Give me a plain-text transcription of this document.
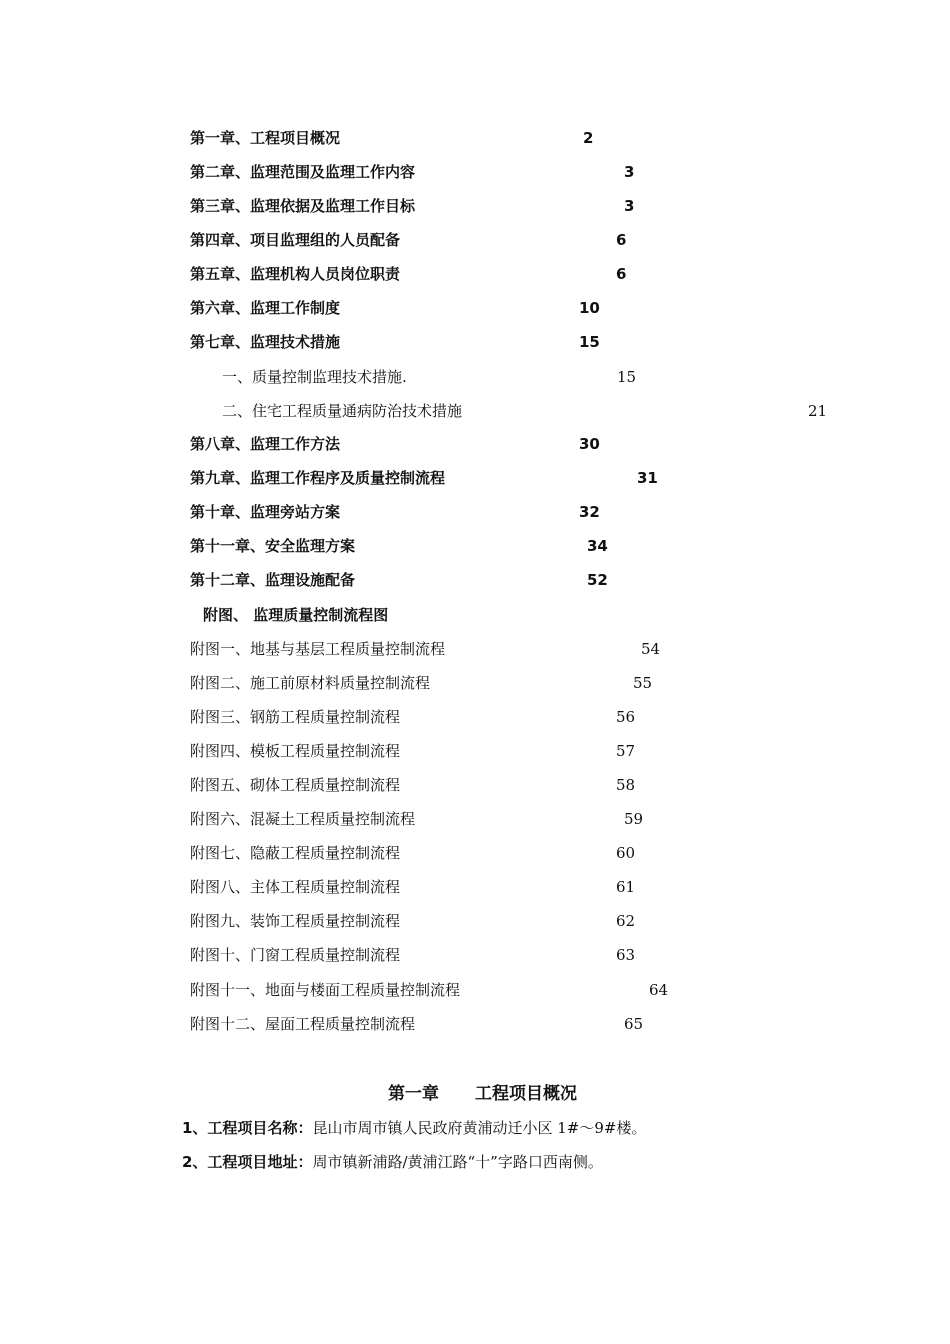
第一章、工程项目概况	2
第二章、监理范围及监理工作内容	3
第三章、监理依据及监理工作目标	3
第四章、项目监理组的人员配备	6
第五章、监理机构人员岗位职责	6
第六章、监理工作制度	10
第七章、监理技术措施	15
一、质量控制监理技术措施.	15
二、住宅工程质量通病防治技术措施	21
第八章、监理工作方法	30
第九章、监理工作程序及质量控制流程	31
第十章、监理旁站方案	32
第十一章、安全监理方案	34
第十二章、监理设施配备	52
附图、 监理质量控制流程图
附图一、地基与基层工程质量控制流程	54
附图二、施工前原材料质量控制流程	55
附图三、钢筋工程质量控制流程	56
附图四、模板工程质量控制流程	57
附图五、砌体工程质量控制流程	58
附图六、混凝土工程质量控制流程	59
附图七、隐蔽工程质量控制流程	60
附图八、主体工程质量控制流程	61
附图九、装饰工程质量控制流程	62
附图十、门窗工程质量控制流程	63
附图十一、地面与楼面工程质量控制流程	64
附图十二、屋面工程质量控制流程	65
第一章 工程项目概况
1、工程项目名称：昆山市周市镇人民政府黄浦动迁小区 1#～9#楼。
2、工程项目地址：周市镇新浦路/黄浦江路“十”字路口西南侧。
